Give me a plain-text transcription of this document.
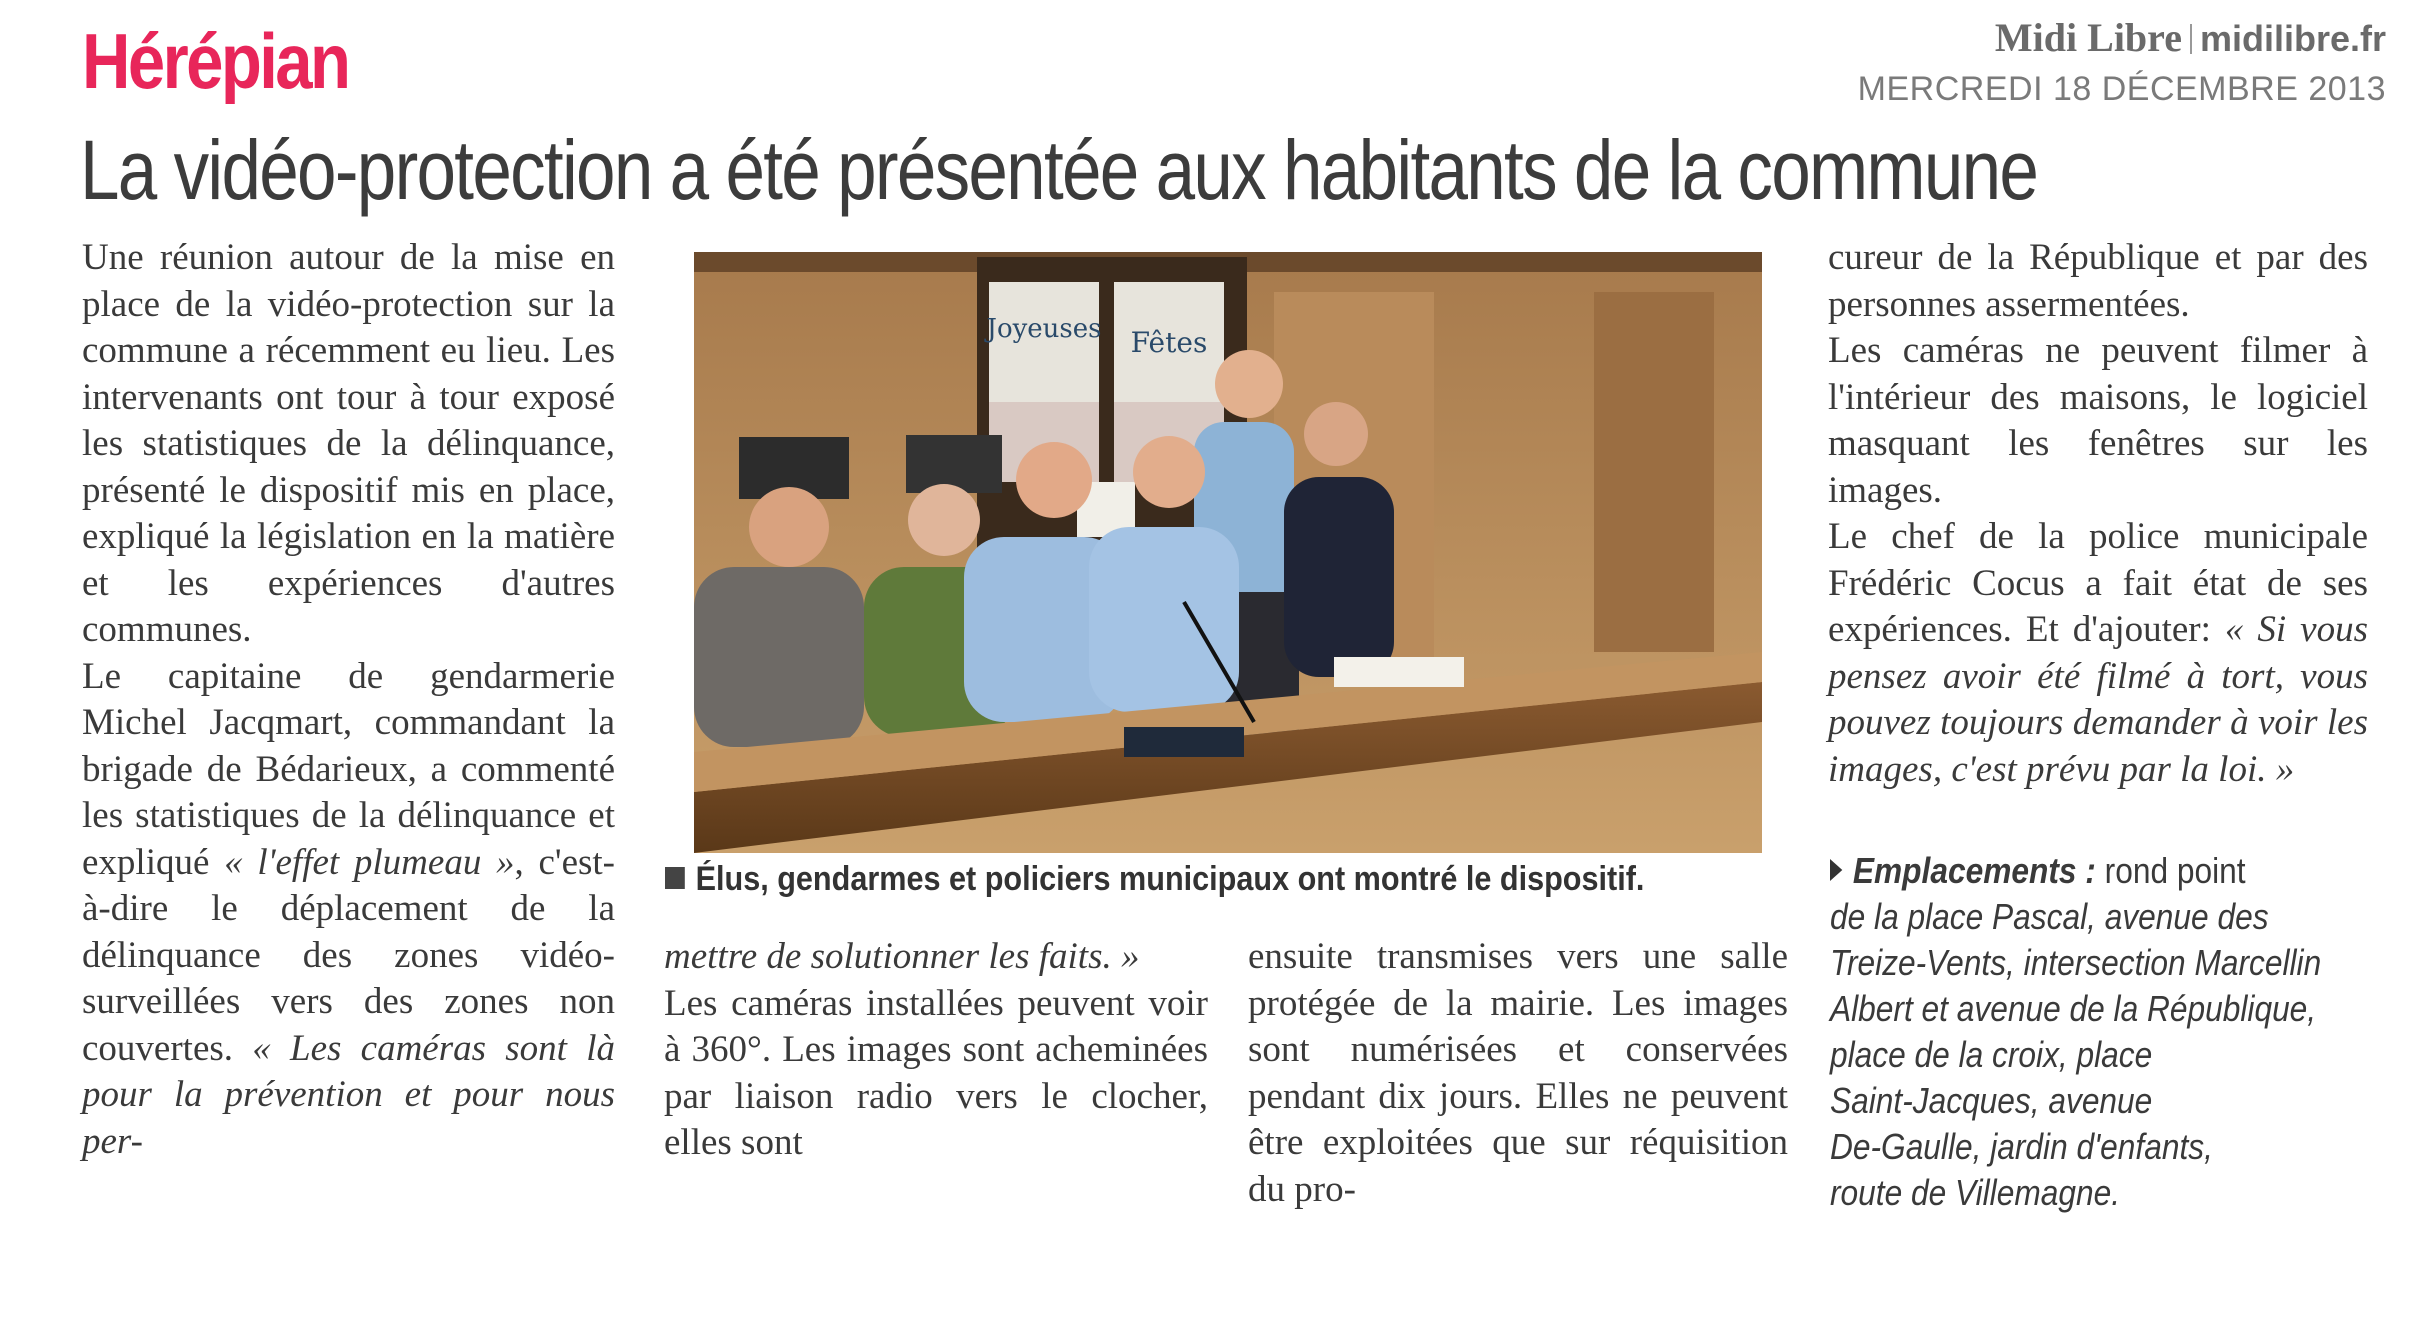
Hérépian	Midi Libre midilibre.fr
MERCREDI 18 DÉCEMBRE 2013
La vidéo-protection a été présentée aux habitants de la commune

Une réunion autour de la mise en place de la vidéo-protection sur la commune a récemment eu lieu. Les intervenants ont tour à tour exposé les statistiques de la délinquance, présenté le dispositif mis en place, expliqué la législation en la matière et les expériences d'autres communes.

Le capitaine de gendarmerie Michel Jacqmart, commandant la brigade de Bédarieux, a commenté les statistiques de la délinquance et expliqué « l'effet plumeau », c'est-à-dire le déplacement de la délinquance des zones vidéo-surveillées vers des zones non couvertes. « Les caméras sont là pour la prévention et pour nous per-

Joyeuses Fêtes
Élus, gendarmes et policiers municipaux ont montré le dispositif.

mettre de solutionner les faits. »

Les caméras installées peuvent voir à 360°. Les images sont acheminées par liaison radio vers le clocher, elles sont

ensuite transmises vers une salle protégée de la mairie. Les images sont numérisées et conservées pendant dix jours. Elles ne peuvent être exploitées que sur réquisition du pro-

cureur de la République et par des personnes assermentées.

Les caméras ne peuvent filmer à l'intérieur des maisons, le logiciel masquant les fenêtres sur les images.

Le chef de la police municipale Frédéric Cocus a fait état de ses expériences. Et d'ajouter: « Si vous pensez avoir été filmé à tort, vous pouvez toujours demander à voir les images, c'est prévu par la loi. »

Emplacements : rond point
de la place Pascal, avenue des
Treize-Vents, intersection Marcellin
Albert et avenue de la République,
place de la croix, place
Saint-Jacques, avenue
De-Gaulle, jardin d'enfants,
route de Villemagne.
